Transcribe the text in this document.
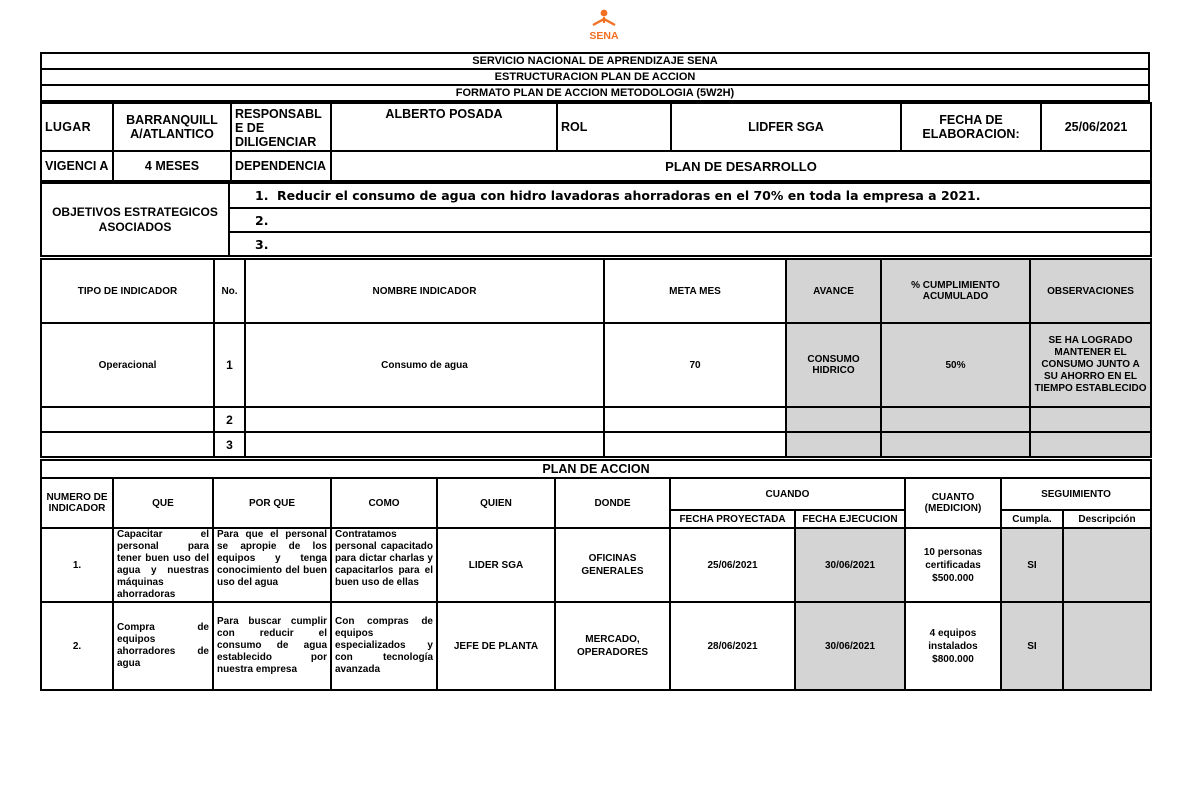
SENA
SERVICIO NACIONAL DE APRENDIZAJE SENA
ESTRUCTURACION PLAN DE ACCION
FORMATO PLAN DE ACCION METODOLOGIA (5W2H)
LUGAR	BARRANQUILL A/ATLANTICO	RESPONSABL E DE DILIGENCIAR	ALBERTO POSADA	ROL	LIDFER SGA	FECHA DE ELABORACION:	25/06/2021
VIGENCI A	4 MESES	DEPENDENCIA	PLAN DE DESARROLLO				
OBJETIVOS ESTRATEGICOS ASOCIADOS	1. Reducir el consumo de agua con hidro lavadoras ahorradoras en el 70% en toda la empresa a 2021.
2.
3.
TIPO DE INDICADOR	No.	NOMBRE INDICADOR	META MES	AVANCE	% CUMPLIMIENTO ACUMULADO	OBSERVACIONES
Operacional	1	Consumo de agua	70	CONSUMO HIDRICO	50%	SE HA LOGRADO MANTENER EL CONSUMO JUNTO A SU AHORRO EN EL TIEMPO ESTABLECIDO
	2					
	3					
PLAN DE ACCION										
NUMERO DE INDICADOR	QUE	POR QUE	COMO	QUIEN	DONDE	CUANDO		CUANTO (MEDICION)	SEGUIMIENTO	
						FECHA PROYECTADA	FECHA EJECUCION		Cumpla.	Descripción
1.	Capacitar el personal para tener buen uso del agua y nuestras máquinas ahorradoras	Para que el personal se apropie de los equipos y tenga conocimiento del buen uso del agua	Contratamos personal capacitado para dictar charlas y capacitarlos para el buen uso de ellas	LIDER SGA	OFICINAS GENERALES	25/06/2021	30/06/2021	10 personas certificadas $500.000	SI	
2.	Compra de equipos ahorradores de agua	Para buscar cumplir con reducir el consumo de agua establecido por nuestra empresa	Con compras de equipos especializados y con tecnología avanzada	JEFE DE PLANTA	MERCADO, OPERADORES	28/06/2021	30/06/2021	4 equipos instalados $800.000	SI	
